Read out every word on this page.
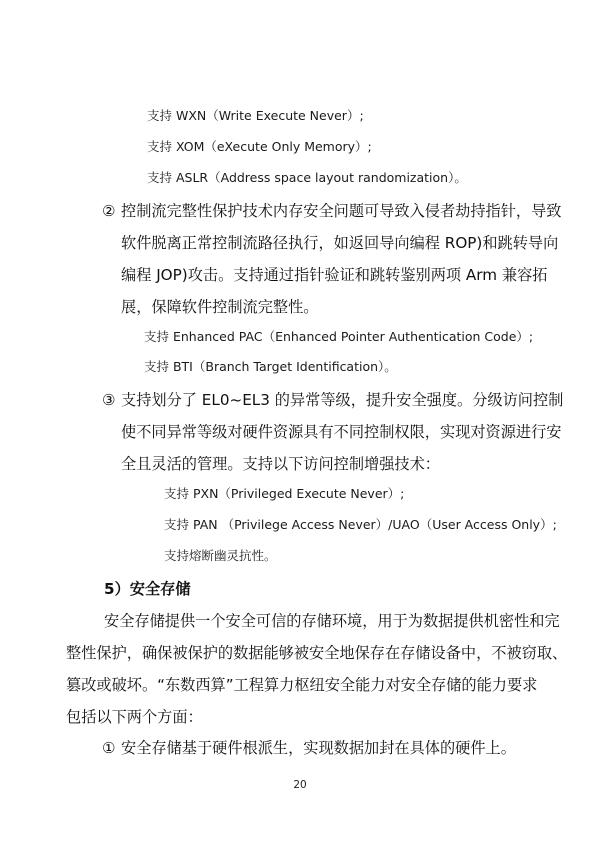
支持 WXN（Write Execute Never）;
支持 XOM（eXecute Only Memory）;
支持 ASLR（Address space layout randomization）。
② 控制流完整性保护技术内存安全问题可导致入侵者劫持指针，导致
软件脱离正常控制流路径执行，如返回导向编程 ROP)和跳转导向
编程 JOP)攻击。支持通过指针验证和跳转鉴别两项 Arm 兼容拓
展，保障软件控制流完整性。
支持 Enhanced PAC（Enhanced Pointer Authentication Code）;
支持 BTI（Branch Target Identification）。
③ 支持划分了 EL0~EL3 的异常等级，提升安全强度。分级访问控制
使不同异常等级对硬件资源具有不同控制权限，实现对资源进行安
全且灵活的管理。支持以下访问控制增强技术：
支持 PXN（Privileged Execute Never）;
支持 PAN （Privilege Access Never）/UAO（User Access Only）;
支持熔断幽灵抗性。
5）安全存储
安全存储提供一个安全可信的存储环境，用于为数据提供机密性和完
整性保护，确保被保护的数据能够被安全地保存在存储设备中，不被窃取、
篡改或破坏。“东数西算”工程算力枢纽安全能力对安全存储的能力要求
包括以下两个方面：
① 安全存储基于硬件根派生，实现数据加封在具体的硬件上。
20
